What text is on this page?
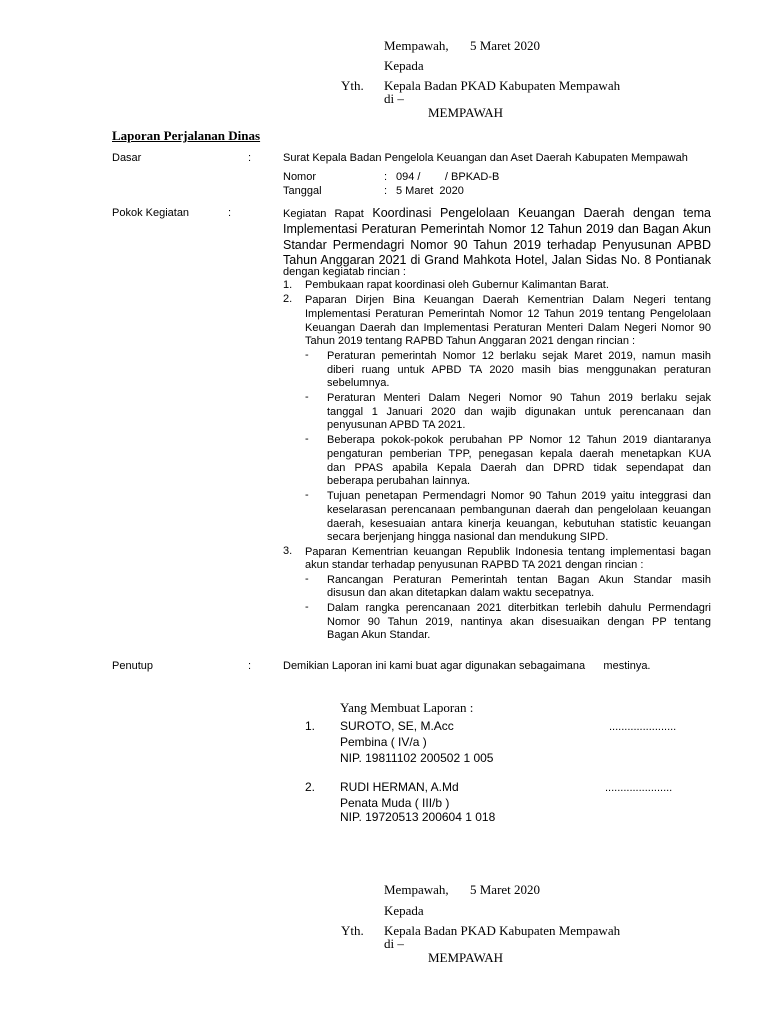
Mempawah, 5 Maret 2020
Kepada
Yth. Kepala Badan PKAD Kabupaten Mempawah
di –
MEMPAWAH
Laporan Perjalanan Dinas
Dasar	:	Surat Kepala Badan Pengelola Keuangan dan Aset Daerah Kabupaten Mempawah
Nomor	: 094 /        / BPKAD-B
Tanggal	: 5 Maret  2020
Pokok Kegiatan	:	Kegiatan Rapat Koordinasi Pengelolaan Keuangan Daerah dengan tema
Implementasi Peraturan Pemerintah Nomor 12 Tahun 2019 dan Bagan Akun
Standar Permendagri Nomor 90 Tahun 2019 terhadap Penyusunan APBD
Tahun Anggaran 2021 di Grand Mahkota Hotel, Jalan Sidas No. 8 Pontianak
dengan kegiatab rincian :
1. Pembukaan rapat koordinasi oleh Gubernur Kalimantan Barat.
2. Paparan Dirjen Bina Keuangan Daerah Kementrian Dalam Negeri tentang
Implementasi Peraturan Pemerintah Nomor 12 Tahun 2019 tentang Pengelolaan
Keuangan Daerah dan Implementasi Peraturan Menteri Dalam Negeri Nomor 90
Tahun 2019 tentang RAPBD Tahun Anggaran 2021 dengan rincian :
- Peraturan pemerintah Nomor 12 berlaku sejak Maret 2019, namun masih
diberi ruang untuk APBD TA 2020 masih bias menggunakan peraturan
sebelumnya.
- Peraturan Menteri Dalam Negeri Nomor 90 Tahun 2019 berlaku sejak
tanggal 1 Januari 2020 dan wajib digunakan untuk perencanaan dan
penyusunan APBD TA 2021.
- Beberapa pokok-pokok perubahan PP Nomor 12 Tahun 2019 diantaranya
pengaturan pemberian TPP, penegasan kepala daerah menetapkan KUA
dan PPAS apabila Kepala Daerah dan DPRD tidak sependapat dan
beberapa perubahan lainnya.
- Tujuan penetapan Permendagri Nomor 90 Tahun 2019 yaitu integgrasi dan
keselarasan perencanaan pembangunan daerah dan pengelolaan keuangan
daerah, kesesuaian antara kinerja keuangan, kebutuhan statistic keuangan
secara berjenjang hingga nasional dan mendukung SIPD.
3. Paparan Kementrian keuangan Republik Indonesia tentang implementasi bagan
akun standar terhadap penyusunan RAPBD TA 2021 dengan rincian :
- Rancangan Peraturan Pemerintah tentan Bagan Akun Standar masih
disusun dan akan ditetapkan dalam waktu secepatnya.
- Dalam rangka perencanaan 2021 diterbitkan terlebih dahulu Permendagri
Nomor 90 Tahun 2019, nantinya akan disesuaikan dengan PP tentang
Bagan Akun Standar.
Penutup	:	Demikian Laporan ini kami buat agar digunakan sebagaimana      mestinya.
Yang Membuat Laporan :
1. SUROTO, SE, M.Acc	......................
Pembina ( IV/a )
NIP. 19811102 200502 1 005
2. RUDI HERMAN, A.Md	......................
Penata Muda ( III/b )
NIP. 19720513 200604 1 018
Mempawah, 5 Maret 2020
Kepada
Yth. Kepala Badan PKAD Kabupaten Mempawah
di –
MEMPAWAH
